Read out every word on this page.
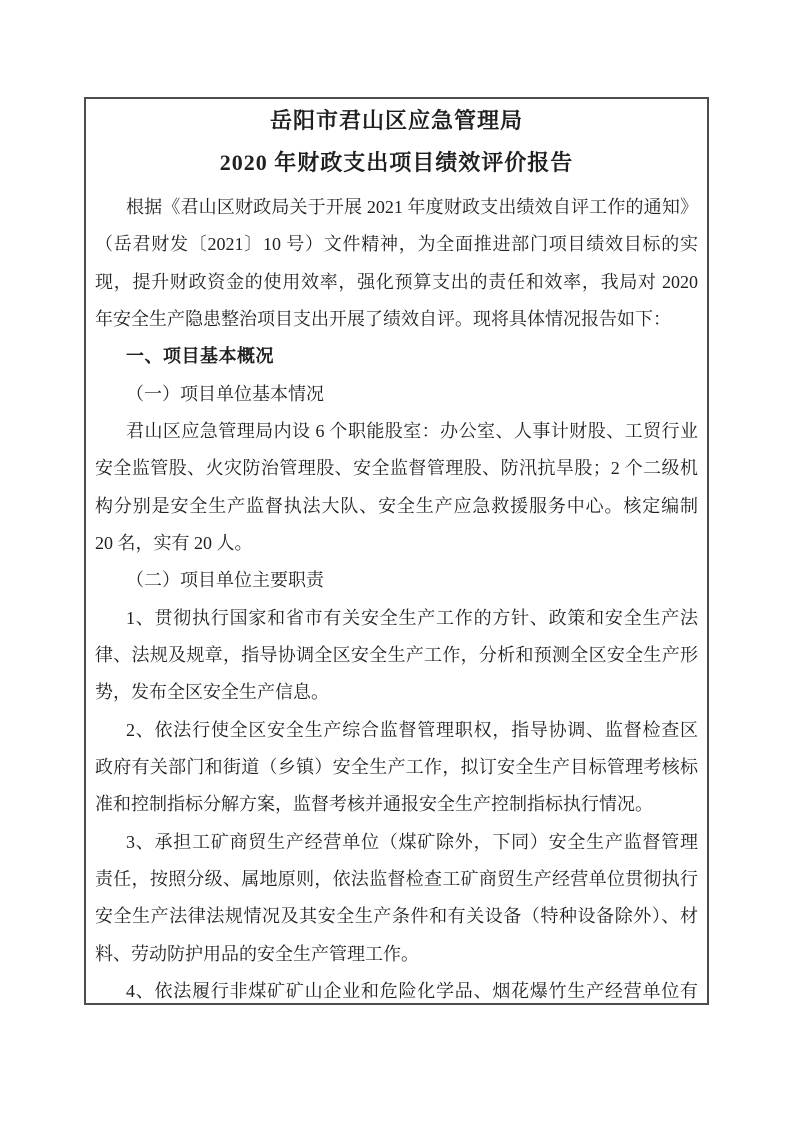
岳阳市君山区应急管理局
2020 年财政支出项目绩效评价报告
根据《君山区财政局关于开展 2021 年度财政支出绩效自评工作的通知》
（岳君财发〔2021〕10 号）文件精神，为全面推进部门项目绩效目标的实
现，提升财政资金的使用效率，强化预算支出的责任和效率，我局对 2020
年安全生产隐患整治项目支出开展了绩效自评。现将具体情况报告如下：
一、项目基本概况
（一）项目单位基本情况
君山区应急管理局内设 6 个职能股室：办公室、人事计财股、工贸行业
安全监管股、火灾防治管理股、安全监督管理股、防汛抗旱股；2 个二级机
构分别是安全生产监督执法大队、安全生产应急救援服务中心。核定编制
20 名，实有 20 人。
（二）项目单位主要职责
1、贯彻执行国家和省市有关安全生产工作的方针、政策和安全生产法
律、法规及规章，指导协调全区安全生产工作，分析和预测全区安全生产形
势，发布全区安全生产信息。
2、依法行使全区安全生产综合监督管理职权，指导协调、监督检查区
政府有关部门和街道（乡镇）安全生产工作，拟订安全生产目标管理考核标
准和控制指标分解方案，监督考核并通报安全生产控制指标执行情况。
3、承担工矿商贸生产经营单位（煤矿除外，下同）安全生产监督管理
责任，按照分级、属地原则，依法监督检查工矿商贸生产经营单位贯彻执行
安全生产法律法规情况及其安全生产条件和有关设备（特种设备除外）、材
料、劳动防护用品的安全生产管理工作。
4、依法履行非煤矿矿山企业和危险化学品、烟花爆竹生产经营单位有
